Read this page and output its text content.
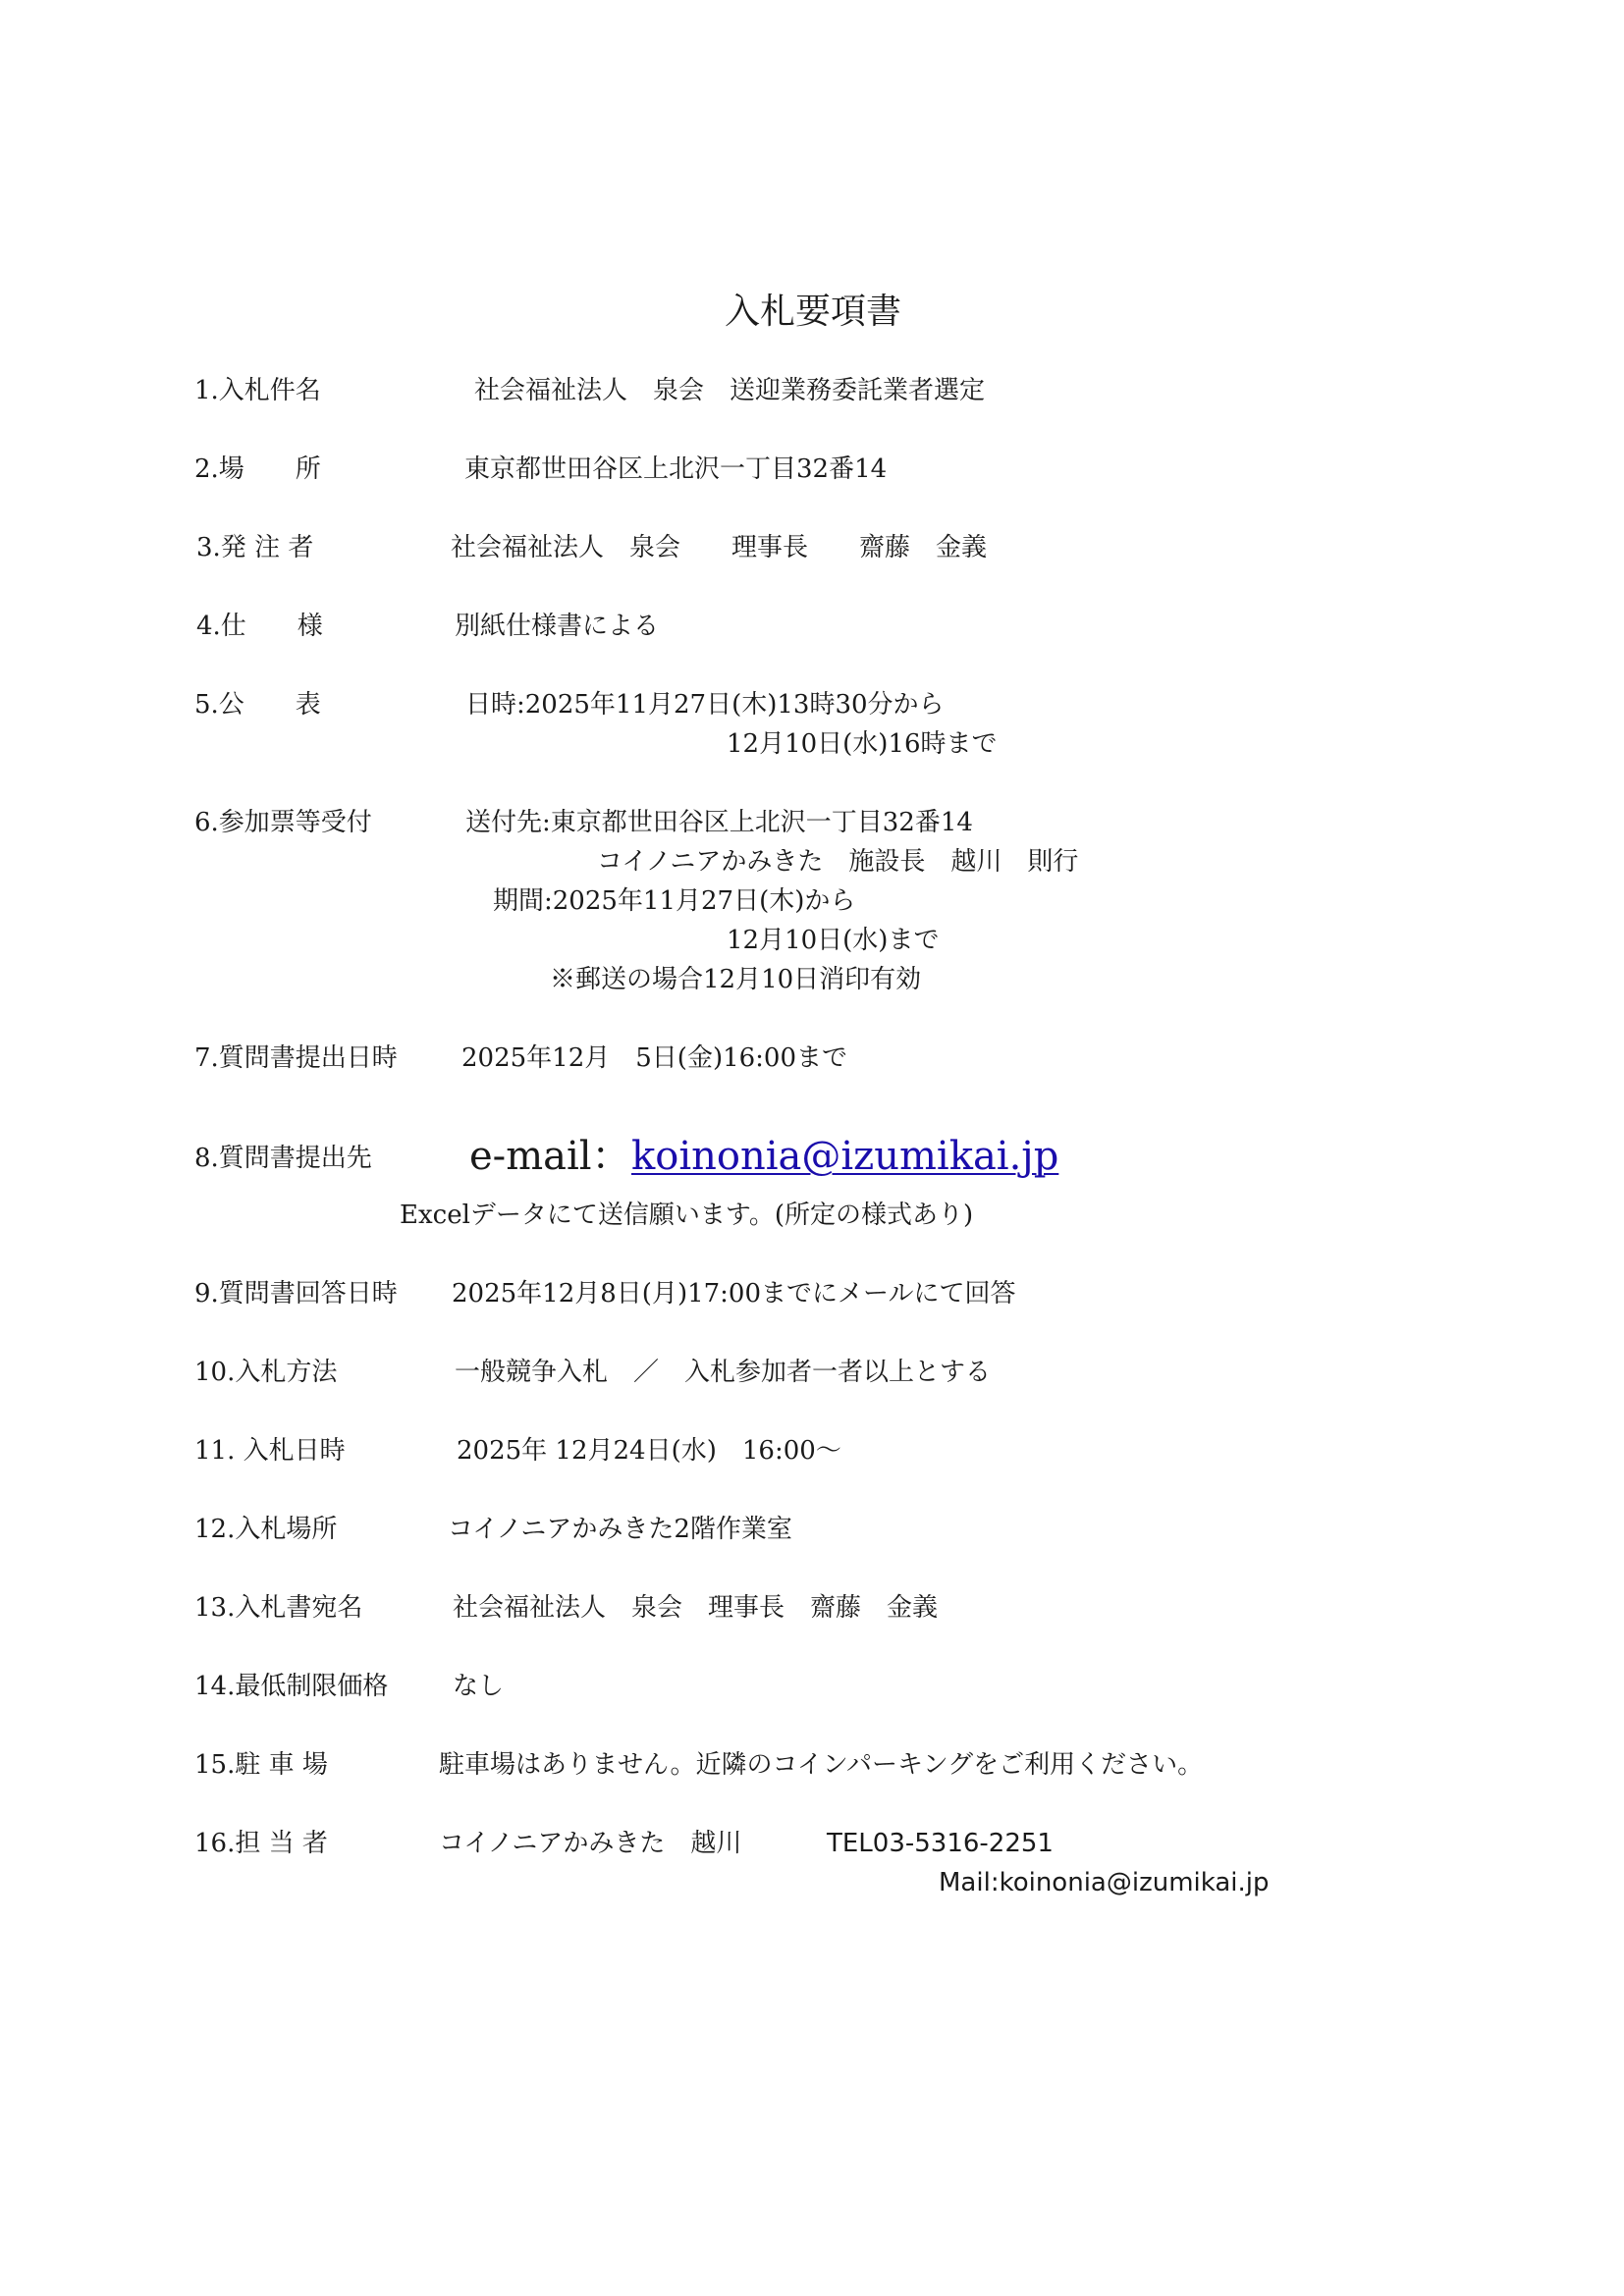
入札要項書
1.入札件名	社会福祉法人　泉会　送迎業務委託業者選定
2.場　　所	東京都世田谷区上北沢一丁目32番14
3.発 注 者	社会福祉法人　泉会　　理事長　　齋藤　金義
4.仕　　様	別紙仕様書による
5.公　　表	日時:2025年11月27日(木)13時30分から
12月10日(水)16時まで
6.参加票等受付	送付先:東京都世田谷区上北沢一丁目32番14
コイノニアかみきた　施設長　越川　則行
期間:2025年11月27日(木)から
12月10日(水)まで
※郵送の場合12月10日消印有効
7.質問書提出日時	2025年12月　5日(金)16:00まで
8.質問書提出先 e-mail： koinonia@izumikai.jp
Excelデータにて送信願います。(所定の様式あり)
9.質問書回答日時 2025年12月8日(月)17:00までにメールにて回答
10.入札方法	一般競争入札　／　入札参加者一者以上とする
11. 入札日時	2025年 12月24日(水)　16:00～
12.入札場所	コイノニアかみきた2階作業室
13.入札書宛名	社会福祉法人　泉会　理事長　齋藤　金義
14.最低制限価格	なし
15.駐 車 場	駐車場はありません。近隣のコインパーキングをご利用ください。
16.担 当 者	コイノニアかみきた　越川	TEL03-5316-2251
Mail:koinonia@izumikai.jp
